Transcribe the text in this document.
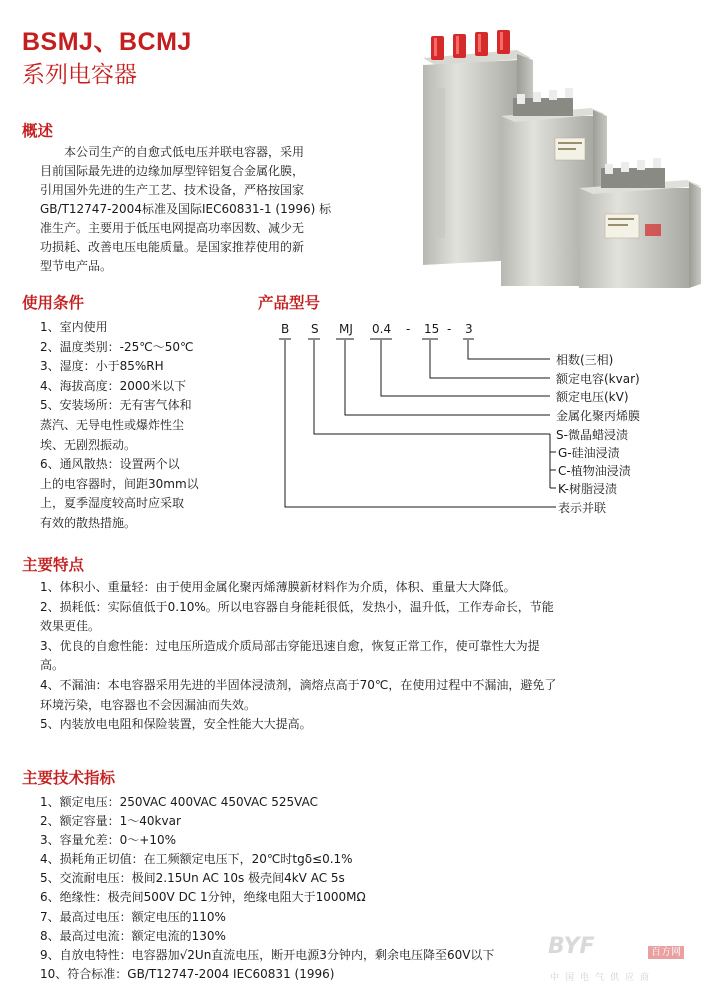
BSMJ、BCMJ
系列电容器
概述

本公司生产的自愈式低电压并联电容器，采用

目前国际最先进的边缘加厚型锌铝复合金属化膜，

引用国外先进的生产工艺、技术设备，严格按国家

GB/T12747-2004标准及国际IEC60831-1 (1996) 标

准生产。主要用于低压电网提高功率因数、减少无

功损耗、改善电压电能质量。是国家推荐使用的新

型节电产品。

使用条件
1、室内使用
2、温度类别：-25℃～50℃
3、湿度：小于85%RH
4、海拔高度：2000米以下
5、安装场所：无有害气体和
蒸汽、无导电性或爆炸性尘
埃、无剧烈振动。
6、通风散热：设置两个以
上的电容器时，间距30mm以
上，夏季湿度较高时应采取
有效的散热措施。
产品型号
B S MJ 0.4 - 15 - 3
相数(三相)
额定电容(kvar)
额定电压(kV)
金属化聚丙烯膜
S-微晶蜡浸渍
G-硅油浸渍
C-植物油浸渍
K-树脂浸渍
表示并联
主要特点
1、体积小、重量轻：由于使用金属化聚丙烯薄膜新材料作为介质，体积、重量大大降低。
2、损耗低：实际值低于0.10%。所以电容器自身能耗很低，发热小，温升低，工作寿命长，节能
效果更佳。
3、优良的自愈性能：过电压所造成介质局部击穿能迅速自愈，恢复正常工作，使可靠性大为提
高。
4、不漏油：本电容器采用先进的半固体浸渍剂，滴熔点高于70℃，在使用过程中不漏油，避免了
环境污染，电容器也不会因漏油而失效。
5、内装放电电阻和保险装置，安全性能大大提高。
主要技术指标
1、额定电压：250VAC 400VAC 450VAC 525VAC
2、额定容量：1～40kvar
3、容量允差：0～+10%
4、损耗角正切值：在工频额定电压下，20℃时tgδ≤0.1%
5、交流耐电压：极间2.15Un AC 10s 极壳间4kV AC 5s
6、绝缘性：极壳间500V DC 1分钟，绝缘电阻大于1000MΩ
7、最高过电压：额定电压的110%
8、最高过电流：额定电流的130%
9、自放电特性：电容器加√2Un直流电压，断开电源3分钟内，剩余电压降至60V以下
10、符合标准：GB/T12747-2004 IEC60831 (1996)
BYF	百方网
中国电气供应商
